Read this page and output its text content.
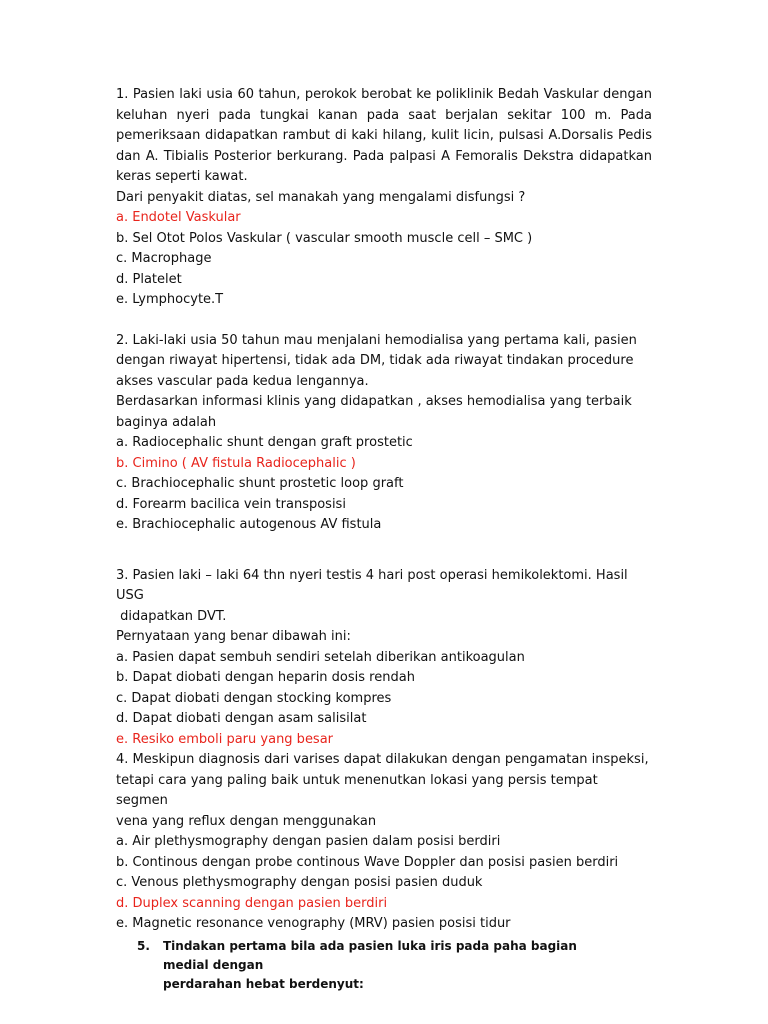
1. Pasien laki usia 60 tahun, perokok berobat ke poliklinik Bedah Vaskular dengan

keluhan nyeri pada tungkai kanan pada saat berjalan sekitar 100 m. Pada

pemeriksaan didapatkan rambut di kaki hilang, kulit licin, pulsasi A.Dorsalis Pedis

dan A. Tibialis Posterior berkurang. Pada palpasi A Femoralis Dekstra didapatkan

keras seperti kawat.

Dari penyakit diatas, sel manakah yang mengalami disfungsi ?

a. Endotel Vaskular

b. Sel Otot Polos Vaskular ( vascular smooth muscle cell – SMC )

c. Macrophage

d. Platelet

e. Lymphocyte.T

2. Laki-laki usia 50 tahun mau menjalani hemodialisa yang pertama kali, pasien

dengan riwayat hipertensi, tidak ada DM, tidak ada riwayat tindakan procedure

akses vascular pada kedua lengannya.

Berdasarkan informasi klinis yang didapatkan , akses hemodialisa yang terbaik

baginya adalah

a. Radiocephalic shunt dengan graft prostetic

b. Cimino ( AV fistula Radiocephalic )

c. Brachiocephalic shunt prostetic loop graft

d. Forearm bacilica vein transposisi

e. Brachiocephalic autogenous AV fistula

3. Pasien laki – laki 64 thn nyeri testis 4 hari post operasi hemikolektomi. Hasil USG

didapatkan DVT.

Pernyataan yang benar dibawah ini:

a. Pasien dapat sembuh sendiri setelah diberikan antikoagulan

b. Dapat diobati dengan heparin dosis rendah

c. Dapat diobati dengan stocking kompres

d. Dapat diobati dengan asam salisilat

e. Resiko emboli paru yang besar

4. Meskipun diagnosis dari varises dapat dilakukan dengan pengamatan inspeksi,

tetapi cara yang paling baik untuk menenutkan lokasi yang persis tempat segmen

vena yang reflux dengan menggunakan

a. Air plethysmography dengan pasien dalam posisi berdiri

b. Continous dengan probe continous Wave Doppler dan posisi pasien berdiri

c. Venous plethysmography dengan posisi pasien duduk

d. Duplex scanning dengan pasien berdiri

e. Magnetic resonance venography (MRV) pasien posisi tidur

5.	Tindakan pertama bila ada pasien luka iris pada paha bagian medial dengan

perdarahan hebat berdenyut:
